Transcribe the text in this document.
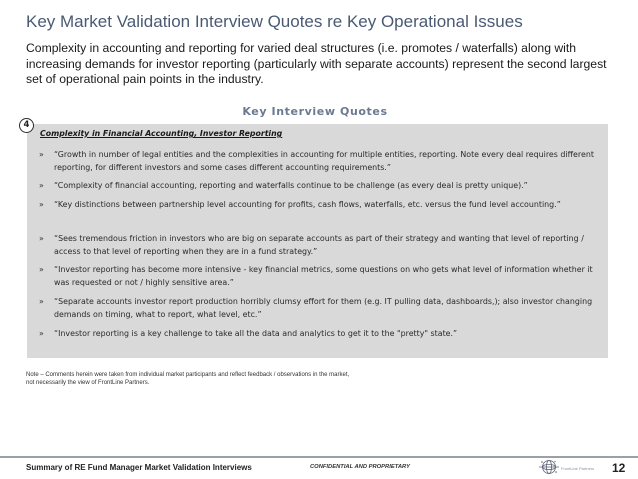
Key Market Validation Interview Quotes re Key Operational Issues
Complexity in accounting and reporting for varied deal structures (i.e. promotes / waterfalls) along with increasing demands for investor reporting (particularly with separate accounts) represent the second largest set of operational pain points in the industry.
Key Interview Quotes
4
Complexity in Financial Accounting, Investor Reporting
» “Growth in number of legal entities and the complexities in accounting for multiple entities, reporting. Note every deal requires different reporting, for different investors and some cases different accounting requirements.”
» “Complexity of financial accounting, reporting and waterfalls continue to be challenge (as every deal is pretty unique).”
» “Key distinctions between partnership level accounting for profits, cash flows, waterfalls, etc. versus the fund level accounting.”
» “Sees tremendous friction in investors who are big on separate accounts as part of their strategy and wanting that level of reporting / access to that level of reporting when they are in a fund strategy.”
» “Investor reporting has become more intensive - key financial metrics, some questions on who gets what level of information whether it was requested or not / highly sensitive area.”
» “Separate accounts investor report production horribly clumsy effort for them (e.g. IT pulling data, dashboards,); also investor changing demands on timing, what to report, what level, etc.”
» “Investor reporting is a key challenge to take all the data and analytics to get it to the "pretty" state.”
Note – Comments herein were taken from individual market participants and reflect feedback / observations in the market, not necessarily the view of FrontLine Partners.
Summary of RE Fund Manager Market Validation Interviews	CONFIDENTIAL AND PROPRIETARY	FrontLine Partners 12
